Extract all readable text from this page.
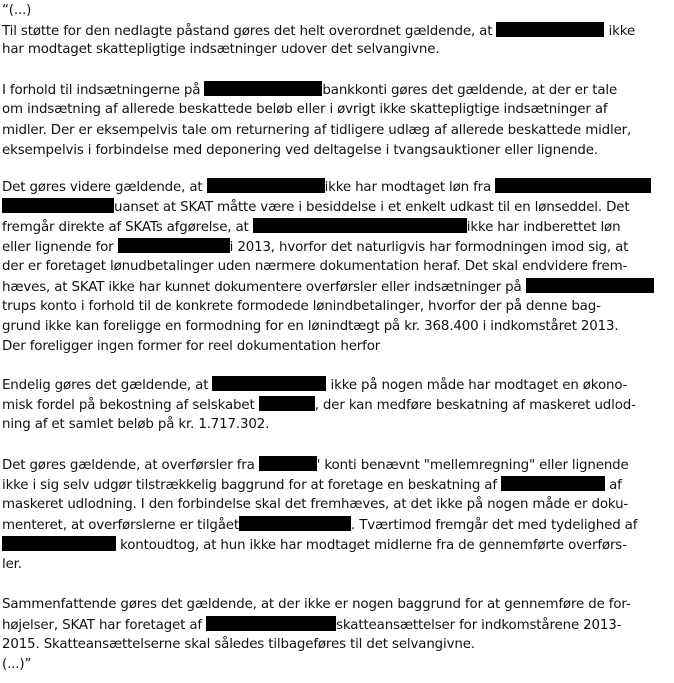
“(...)
Til støtte for den nedlagte påstand gøres det helt overordnet gældende, at	ikke
har modtaget skattepligtige indsætninger udover det selvangivne.
I forhold til indsætningerne på	bankkonti gøres det gældende, at der er tale
om indsætning af allerede beskattede beløb eller i øvrigt ikke skattepligtige indsætninger af
midler. Der er eksempelvis tale om returnering af tidligere udlæg af allerede beskattede midler,
eksempelvis i forbindelse med deponering ved deltagelse i tvangsauktioner eller lignende.
Det gøres videre gældende, at	ikke har modtaget løn fra
uanset at SKAT måtte være i besiddelse i et enkelt udkast til en lønseddel. Det
fremgår direkte af SKATs afgørelse, at	ikke har indberettet løn
eller lignende for	i 2013, hvorfor det naturligvis har formodningen imod sig, at
der er foretaget lønudbetalinger uden nærmere dokumentation heraf. Det skal endvidere frem-
hæves, at SKAT ikke har kunnet dokumentere overførsler eller indsætninger på
trups konto i forhold til de konkrete formodede lønindbetalinger, hvorfor der på denne bag-
grund ikke kan foreligge en formodning for en lønindtægt på kr. 368.400 i indkomståret 2013.
Der foreligger ingen former for reel dokumentation herfor
Endelig gøres det gældende, at	ikke på nogen måde har modtaget en økono-
misk fordel på bekostning af selskabet	, der kan medføre beskatning af maskeret udlod-
ning af et samlet beløb på kr. 1.717.302.
Det gøres gældende, at overførsler fra	' konti benævnt "mellemregning" eller lignende
ikke i sig selv udgør tilstrækkelig baggrund for at foretage en beskatning af	af
maskeret udlodning. I den forbindelse skal det fremhæves, at det ikke på nogen måde er doku-
menteret, at overførslerne er tilgået	. Tværtimod fremgår det med tydelighed af
kontoudtog, at hun ikke har modtaget midlerne fra de gennemførte overførs-
ler.
Sammenfattende gøres det gældende, at der ikke er nogen baggrund for at gennemføre de for-
højelser, SKAT har foretaget af	skatteansættelser for indkomstårene 2013-
2015. Skatteansættelserne skal således tilbageføres til det selvangivne.
(...)”
